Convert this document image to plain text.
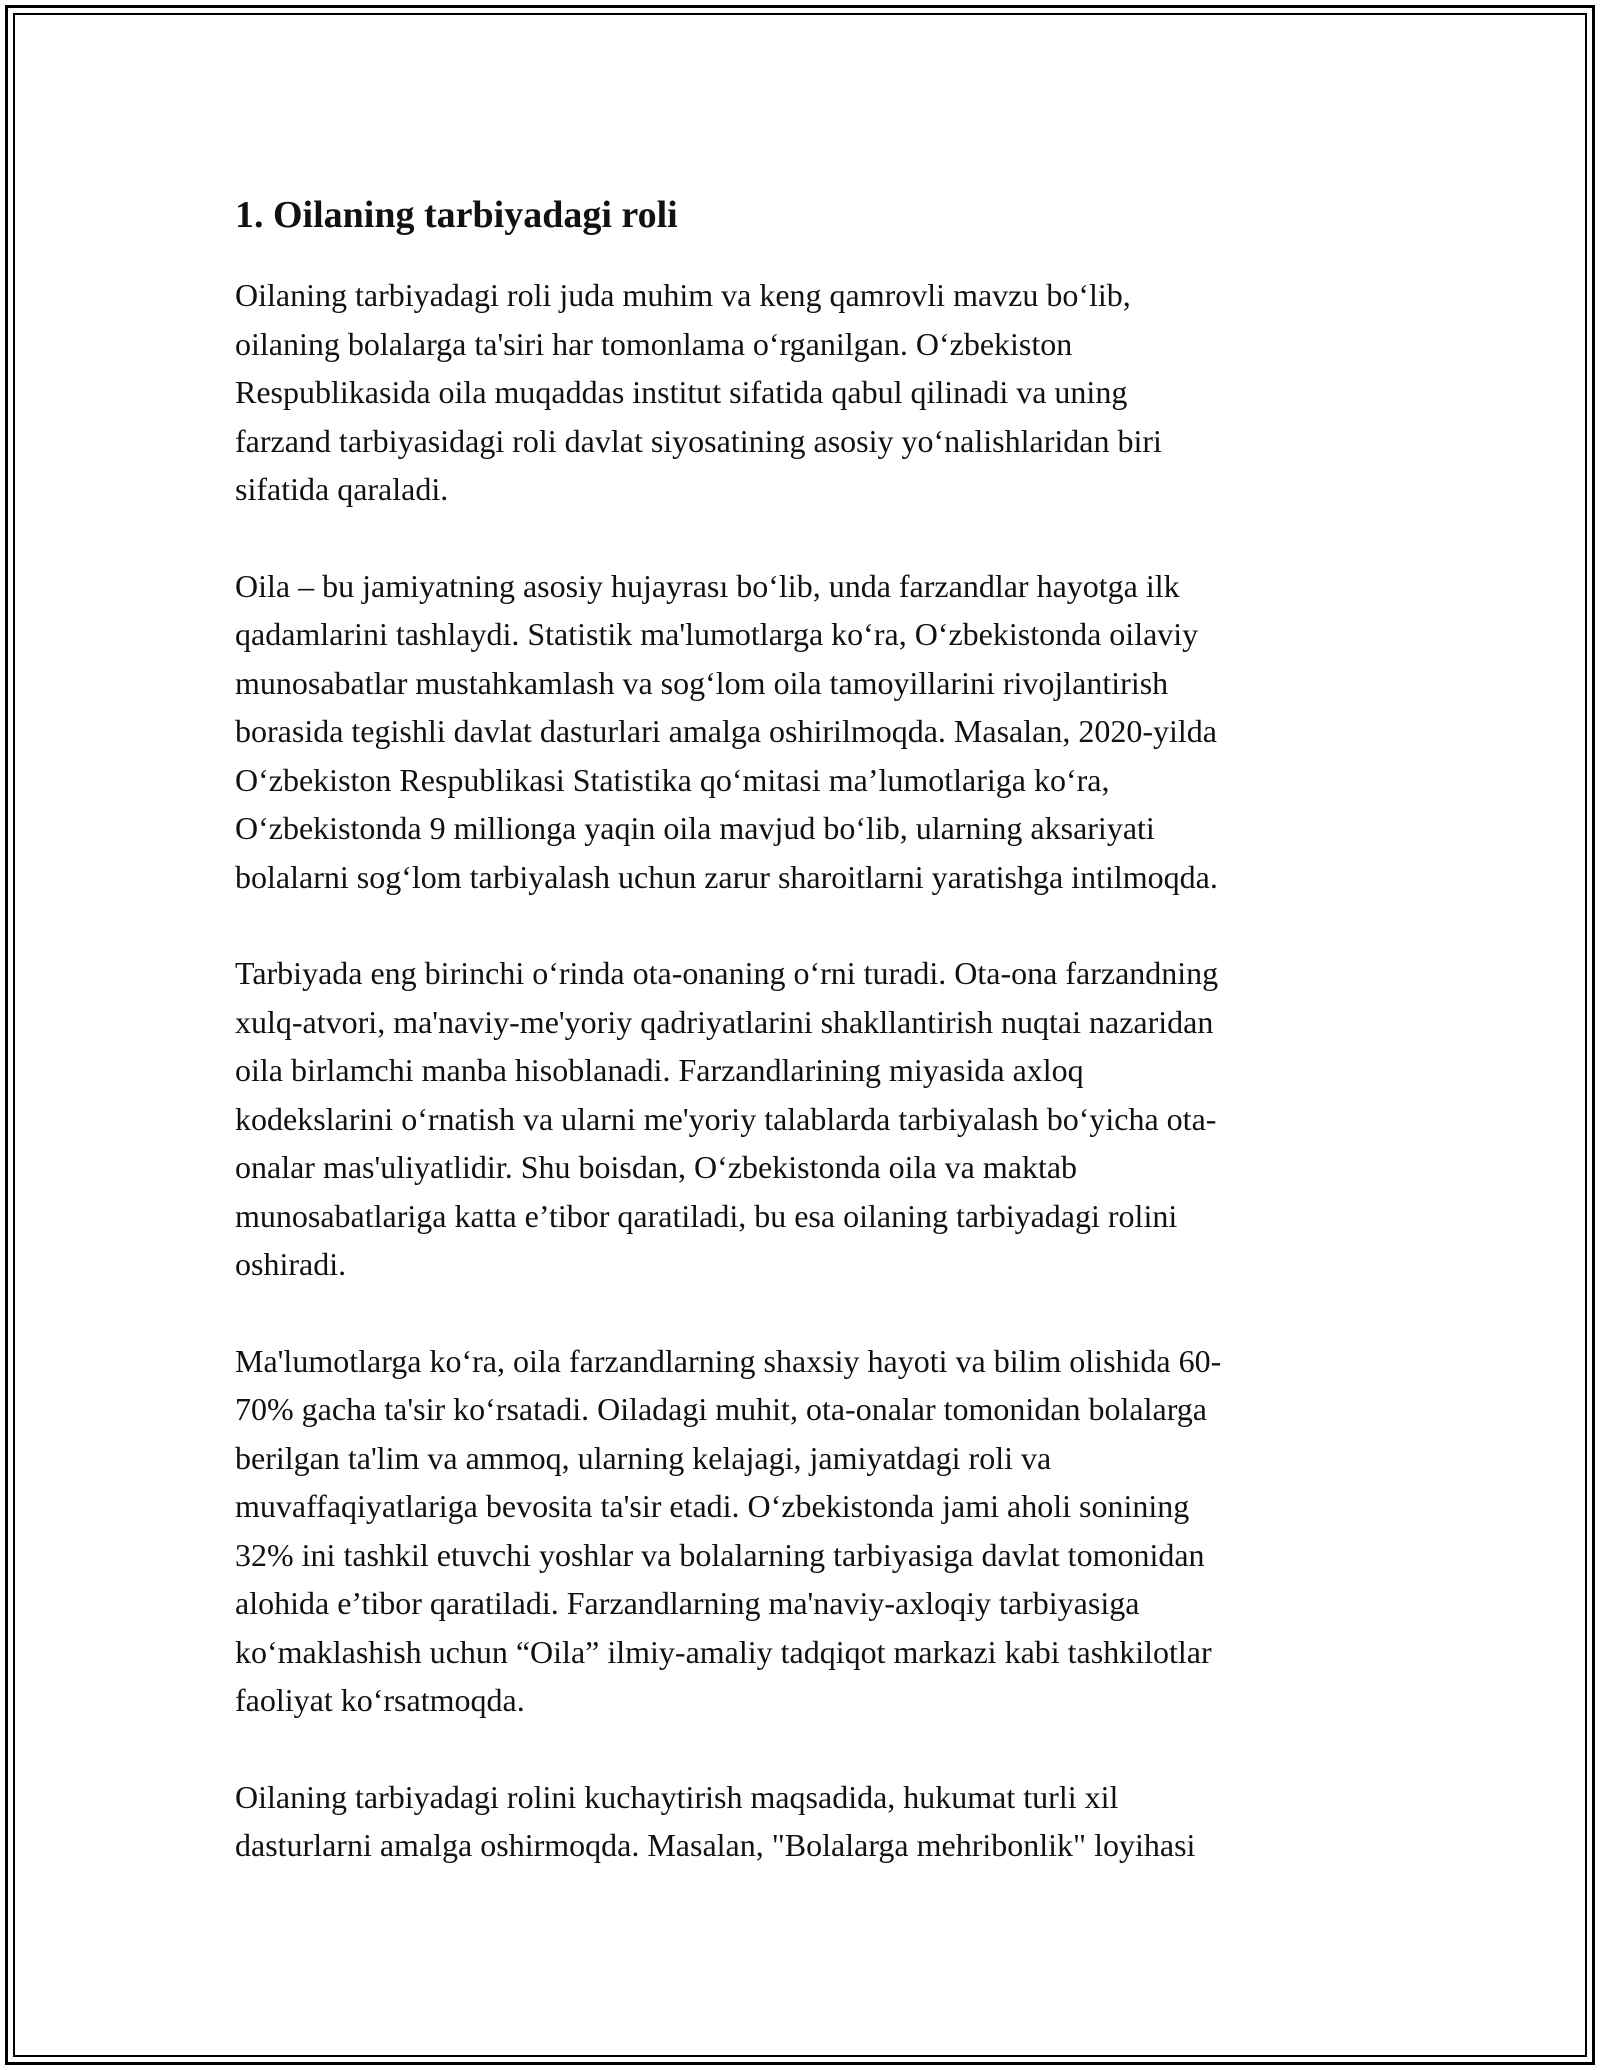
1. Oilaning tarbiyadagi roli

Oilaning tarbiyadagi roli juda muhim va keng qamrovli mavzu bo‘lib,
oilaning bolalarga ta'siri har tomonlama o‘rganilgan. O‘zbekiston
Respublikasida oila muqaddas institut sifatida qabul qilinadi va uning
farzand tarbiyasidagi roli davlat siyosatining asosiy yo‘nalishlaridan biri
sifatida qaraladi.

Oila – bu jamiyatning asosiy hujayrası bo‘lib, unda farzandlar hayotga ilk
qadamlarini tashlaydi. Statistik ma'lumotlarga ko‘ra, O‘zbekistonda oilaviy
munosabatlar mustahkamlash va sog‘lom oila tamoyillarini rivojlantirish
borasida tegishli davlat dasturlari amalga oshirilmoqda. Masalan, 2020-yilda
O‘zbekiston Respublikasi Statistika qo‘mitasi ma’lumotlariga ko‘ra,
O‘zbekistonda 9 millionga yaqin oila mavjud bo‘lib, ularning aksariyati
bolalarni sog‘lom tarbiyalash uchun zarur sharoitlarni yaratishga intilmoqda.

Tarbiyada eng birinchi o‘rinda ota-onaning o‘rni turadi. Ota-ona farzandning
xulq-atvori, ma'naviy-me'yoriy qadriyatlarini shakllantirish nuqtai nazaridan
oila birlamchi manba hisoblanadi. Farzandlarining miyasida axloq
kodekslarini o‘rnatish va ularni me'yoriy talablarda tarbiyalash bo‘yicha ota-
onalar mas'uliyatlidir. Shu boisdan, O‘zbekistonda oila va maktab
munosabatlariga katta e’tibor qaratiladi, bu esa oilaning tarbiyadagi rolini
oshiradi.

Ma'lumotlarga ko‘ra, oila farzandlarning shaxsiy hayoti va bilim olishida 60-
70% gacha ta'sir ko‘rsatadi. Oiladagi muhit, ota-onalar tomonidan bolalarga
berilgan ta'lim va ammoq, ularning kelajagi, jamiyatdagi roli va
muvaffaqiyatlariga bevosita ta'sir etadi. O‘zbekistonda jami aholi sonining
32% ini tashkil etuvchi yoshlar va bolalarning tarbiyasiga davlat tomonidan
alohida e’tibor qaratiladi. Farzandlarning ma'naviy-axloqiy tarbiyasiga
ko‘maklashish uchun “Oila” ilmiy-amaliy tadqiqot markazi kabi tashkilotlar
faoliyat ko‘rsatmoqda.

Oilaning tarbiyadagi rolini kuchaytirish maqsadida, hukumat turli xil
dasturlarni amalga oshirmoqda. Masalan, "Bolalarga mehribonlik" loyihasi
